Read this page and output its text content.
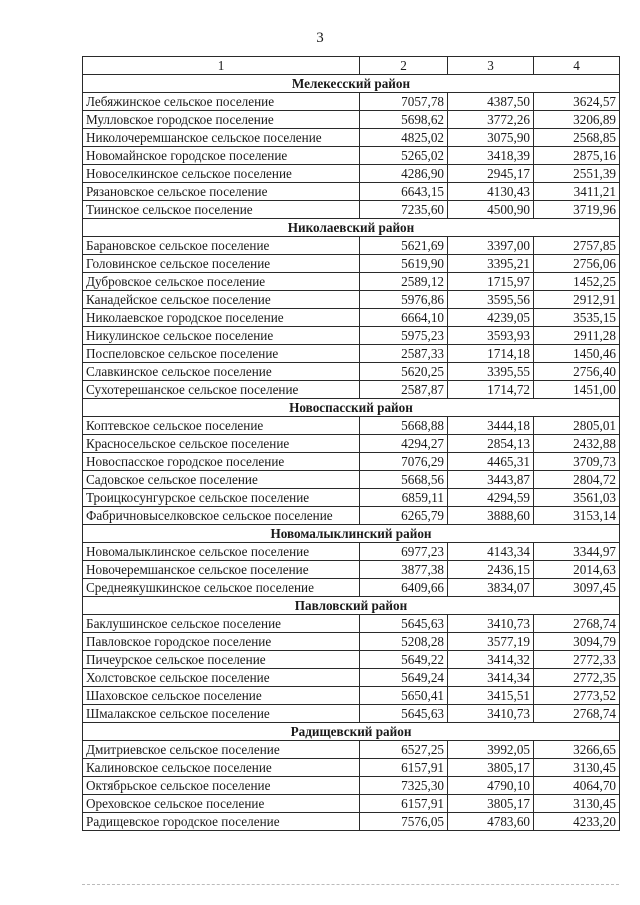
3
1	2	3	4
Мелекесский район			
Лебяжинское сельское поселение	7057,78	4387,50	3624,57
Мулловское городское поселение	5698,62	3772,26	3206,89
Николочеремшанское сельское поселение	4825,02	3075,90	2568,85
Новомайнское городское поселение	5265,02	3418,39	2875,16
Новоселкинское сельское поселение	4286,90	2945,17	2551,39
Рязановское сельское поселение	6643,15	4130,43	3411,21
Тиинское сельское поселение	7235,60	4500,90	3719,96
Николаевский район			
Барановское сельское поселение	5621,69	3397,00	2757,85
Головинское сельское поселение	5619,90	3395,21	2756,06
Дубровское сельское поселение	2589,12	1715,97	1452,25
Канадейское сельское поселение	5976,86	3595,56	2912,91
Николаевское городское поселение	6664,10	4239,05	3535,15
Никулинское сельское поселение	5975,23	3593,93	2911,28
Поспеловское сельское поселение	2587,33	1714,18	1450,46
Славкинское сельское поселение	5620,25	3395,55	2756,40
Сухотерешанское сельское поселение	2587,87	1714,72	1451,00
Новоспасский район			
Коптевское сельское поселение	5668,88	3444,18	2805,01
Красносельское сельское поселение	4294,27	2854,13	2432,88
Новоспасское городское поселение	7076,29	4465,31	3709,73
Садовское сельское поселение	5668,56	3443,87	2804,72
Троицкосунгурское сельское поселение	6859,11	4294,59	3561,03
Фабричновыселковское сельское поселение	6265,79	3888,60	3153,14
Новомалыклинский район			
Новомалыклинское сельское поселение	6977,23	4143,34	3344,97
Новочеремшанское сельское поселение	3877,38	2436,15	2014,63
Среднеякушкинское сельское поселение	6409,66	3834,07	3097,45
Павловский район			
Баклушинское сельское поселение	5645,63	3410,73	2768,74
Павловское городское поселение	5208,28	3577,19	3094,79
Пичеурское сельское поселение	5649,22	3414,32	2772,33
Холстовское сельское поселение	5649,24	3414,34	2772,35
Шаховское сельское поселение	5650,41	3415,51	2773,52
Шмалакское сельское поселение	5645,63	3410,73	2768,74
Радищевский район			
Дмитриевское сельское поселение	6527,25	3992,05	3266,65
Калиновское сельское поселение	6157,91	3805,17	3130,45
Октябрьское сельское поселение	7325,30	4790,10	4064,70
Ореховское сельское поселение	6157,91	3805,17	3130,45
Радищевское городское поселение	7576,05	4783,60	4233,20
